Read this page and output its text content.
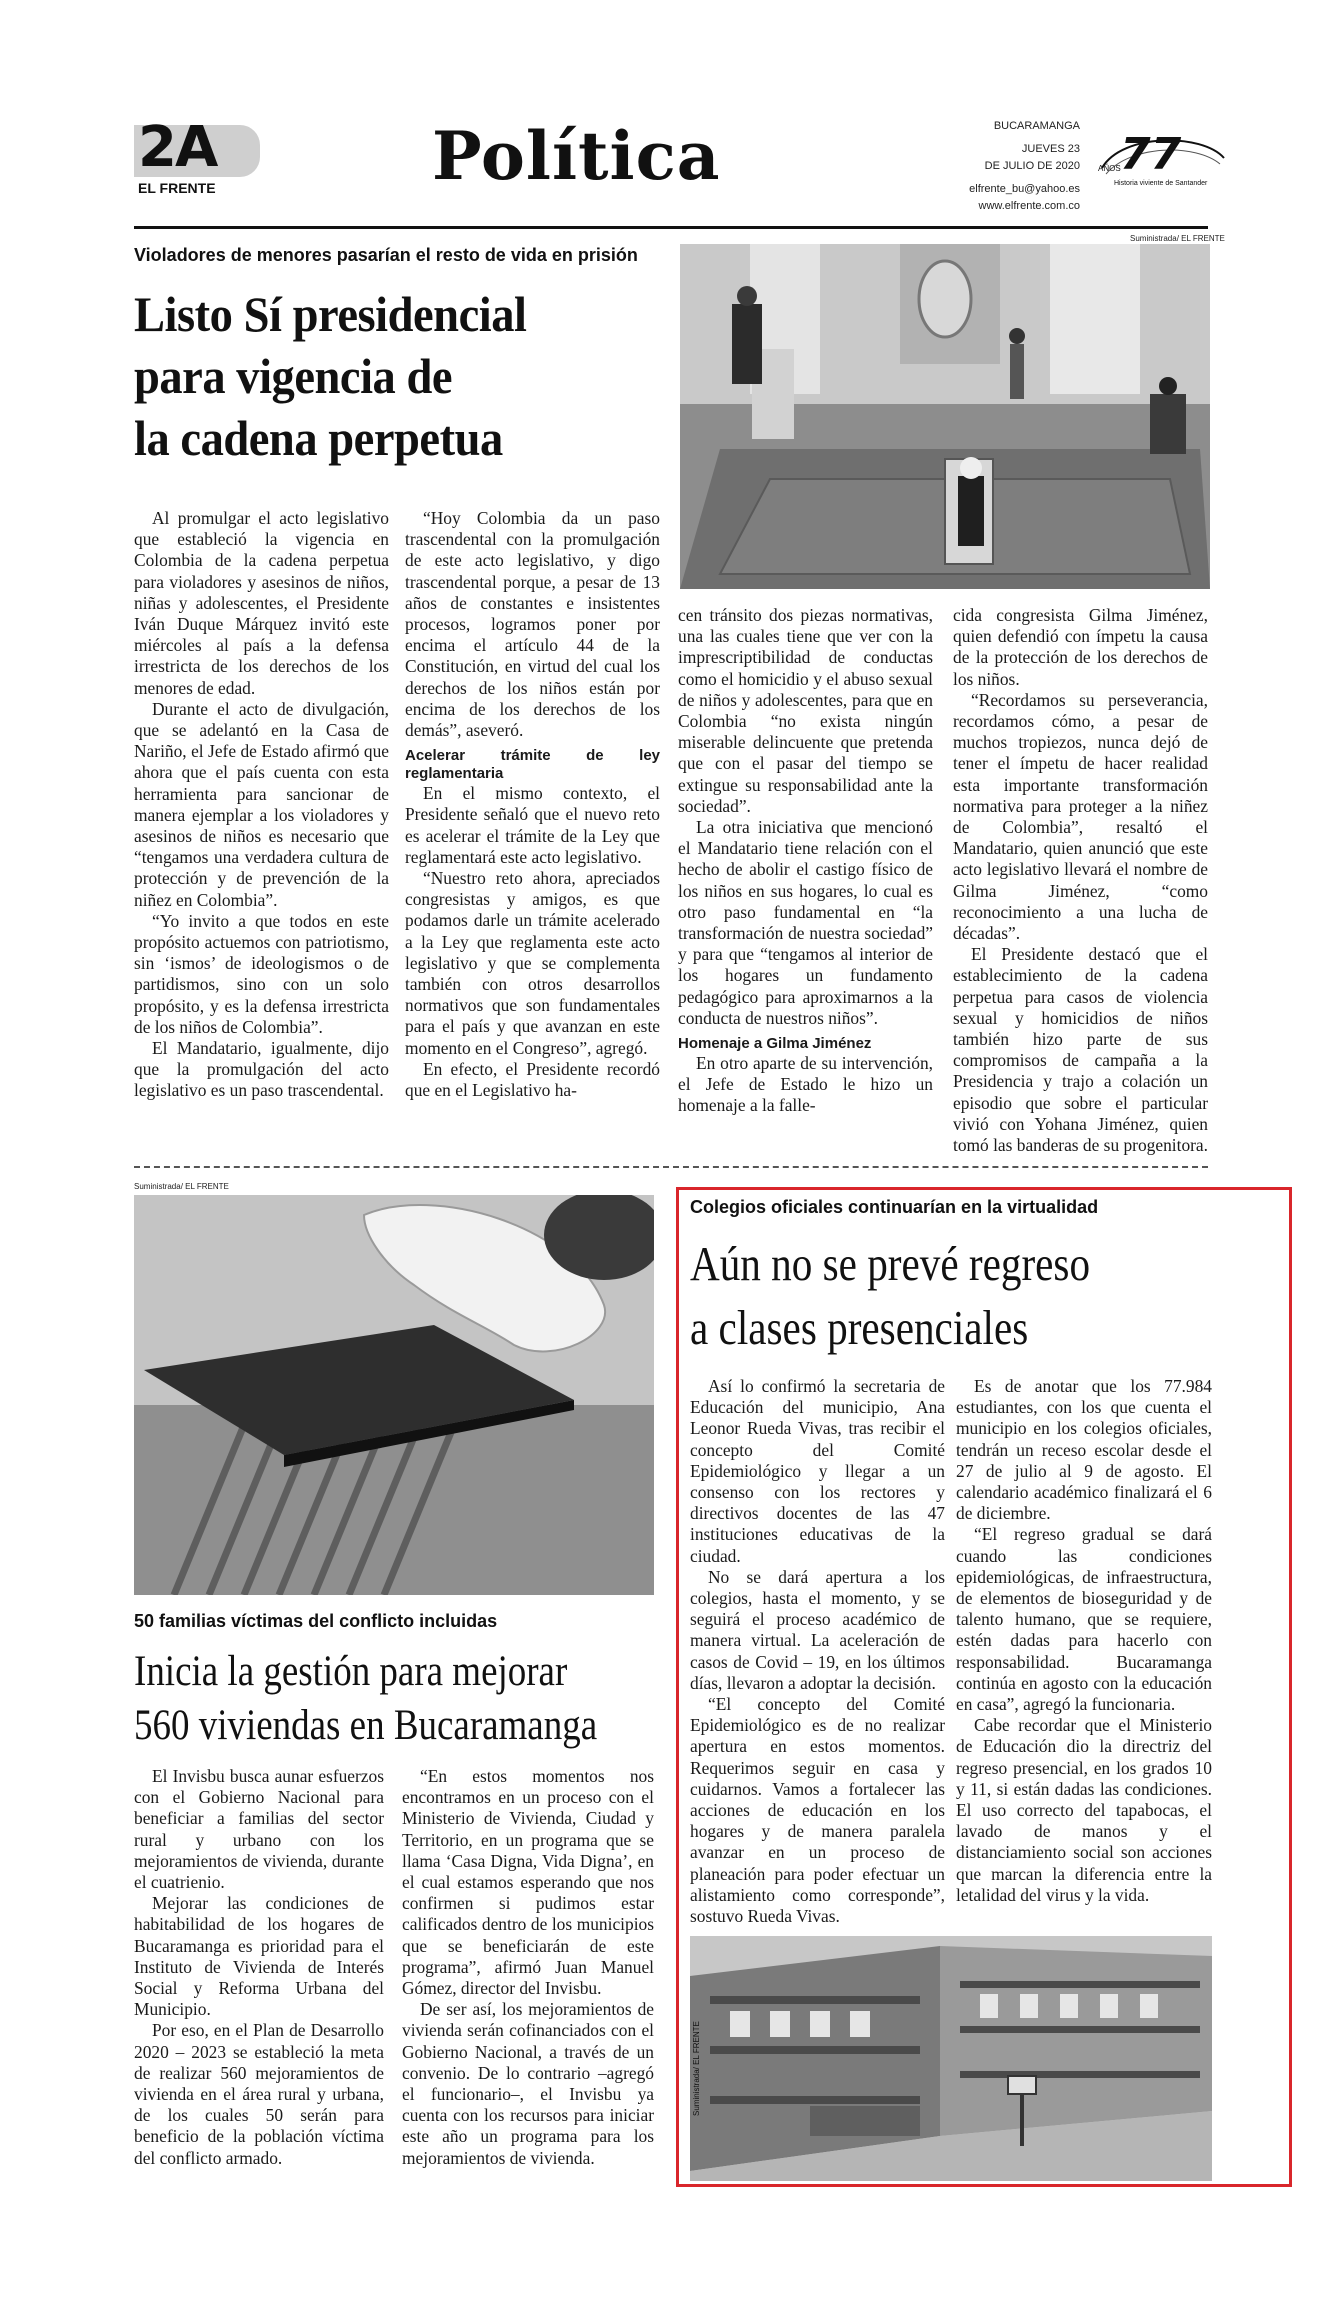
2A
EL FRENTE	Política	BUCARAMANGA
JUEVES 23
DE JULIO DE 2020
elfrente_bu@yahoo.es
www.elfrente.com.co
77
AÑOS
Historia viviente de Santander
Violadores de menores pasarían el resto de vida en prisión
Listo Sí presidencial
para vigencia de
la cadena perpetua
Suministrada/ EL FRENTE

Al promulgar el acto legislativo que estableció la vigencia en Colombia de la cadena perpetua para violadores y asesinos de niños, niñas y adolescentes, el Presidente Iván Duque Márquez invitó este miércoles al país a la defensa irrestricta de los derechos de los menores de edad.

Durante el acto de divulgación, que se adelantó en la Casa de Nariño, el Jefe de Estado afirmó que ahora que el país cuenta con esta herramienta para sancionar de manera ejemplar a los violadores y asesinos de niños es necesario que “tengamos una verdadera cultura de protección y de prevención de la niñez en Colombia”.

“Yo invito a que todos en este propósito actuemos con patriotismo, sin ‘ismos’ de ideologismos o de partidismos, sino con un solo propósito, y es la defensa irrestricta de los niños de Colombia”.

El Mandatario, igualmente, dijo que la promulgación del acto legislativo es un paso trascendental.

“Hoy Colombia da un paso trascendental con la promulgación de este acto legislativo, y digo trascendental porque, a pesar de 13 años de constantes e insistentes procesos, logramos poner por encima el artículo 44 de la Constitución, en virtud del cual los derechos de los niños están por encima de los derechos de los demás”, aseveró.

Acelerar trámite de ley reglamentaria

En el mismo contexto, el Presidente señaló que el nuevo reto es acelerar el trámite de la Ley que reglamentará este acto legislativo.

“Nuestro reto ahora, apreciados congresistas y amigos, es que podamos darle un trámite acelerado a la Ley que reglamenta este acto legislativo y que se complementa también con otros desarrollos normativos que son fundamentales para el país y que avanzan en este momento en el Congreso”, agregó.

En efecto, el Presidente recordó que en el Legislativo ha-

cen tránsito dos piezas normativas, una las cuales tiene que ver con la imprescriptibilidad de conductas como el homicidio y el abuso sexual de niños y adolescentes, para que en Colombia “no exista ningún miserable delincuente que pretenda que con el pasar del tiempo se extingue su responsabilidad ante la sociedad”.

La otra iniciativa que mencionó el Mandatario tiene relación con el hecho de abolir el castigo físico de los niños en sus hogares, lo cual es otro paso fundamental en “la transformación de nuestra sociedad” y para que “tengamos al interior de los hogares un fundamento pedagógico para aproximarnos a la conducta de nuestros niños”.

Homenaje a Gilma Jiménez

En otro aparte de su intervención, el Jefe de Estado le hizo un homenaje a la falle-

cida congresista Gilma Jiménez, quien defendió con ímpetu la causa de la protección de los derechos de los niños.

“Recordamos su perseverancia, recordamos cómo, a pesar de muchos tropiezos, nunca dejó de tener el ímpetu de hacer realidad esta importante transformación normativa para proteger a la niñez de Colombia”, resaltó el Mandatario, quien anunció que este acto legislativo llevará el nombre de Gilma Jiménez, “como reconocimiento a una lucha de décadas”.

El Presidente destacó que el establecimiento de la cadena perpetua para casos de violencia sexual y homicidios de niños también hizo parte de sus compromisos de campaña a la Presidencia y trajo a colación un episodio que sobre el particular vivió con Yohana Jiménez, quien tomó las banderas de su progenitora.

Suministrada/ EL FRENTE
50 familias víctimas del conflicto incluidas
Inicia la gestión para mejorar
560 viviendas en Bucaramanga

El Invisbu busca aunar esfuerzos con el Gobierno Nacional para beneficiar a familias del sector rural y urbano con los mejoramientos de vivienda, durante el cuatrienio.

Mejorar las condiciones de habitabilidad de los hogares de Bucaramanga es prioridad para el Instituto de Vivienda de Interés Social y Reforma Urbana del Municipio.

Por eso, en el Plan de Desarrollo 2020 – 2023 se estableció la meta de realizar 560 mejoramientos de vivienda en el área rural y urbana, de los cuales 50 serán para beneficio de la población víctima del conflicto armado.

“En estos momentos nos encontramos en un proceso con el Ministerio de Vivienda, Ciudad y Territorio, en un programa que se llama ‘Casa Digna, Vida Digna’, en el cual estamos esperando que nos confirmen si pudimos estar calificados dentro de los municipios que se beneficiarán de este programa”, afirmó Juan Manuel Gómez, director del Invisbu.

De ser así, los mejoramientos de vivienda serán cofinanciados con el Gobierno Nacional, a través de un convenio. De lo contrario –agregó el funcionario–, el Invisbu ya cuenta con los recursos para iniciar este año un programa para los mejoramientos de vivienda.

Colegios oficiales continuarían en la virtualidad
Aún no se prevé regreso
a clases presenciales

Así lo confirmó la secretaria de Educación del municipio, Ana Leonor Rueda Vivas, tras recibir el concepto del Comité Epidemiológico y llegar a un consenso con los rectores y directivos docentes de las 47 instituciones educativas de la ciudad.

No se dará apertura a los colegios, hasta el momento, y se seguirá el proceso académico de manera virtual. La aceleración de casos de Covid – 19, en los últimos días, llevaron a adoptar la decisión.

“El concepto del Comité Epidemiológico es de no realizar apertura en estos momentos. Requerimos seguir en casa y cuidarnos. Vamos a fortalecer las acciones de educación en los hogares y de manera paralela avanzar en un proceso de planeación para poder efectuar un alistamiento como corresponde”, sostuvo Rueda Vivas.

Es de anotar que los 77.984 estudiantes, con los que cuenta el municipio en los colegios oficiales, tendrán un receso escolar desde el 27 de julio al 9 de agosto. El calendario académico finalizará el 6 de diciembre.

“El regreso gradual se dará cuando las condiciones epidemiológicas, de infraestructura, de elementos de bioseguridad y de talento humano, que se requiere, estén dadas para hacerlo con responsabilidad. Bucaramanga continúa en agosto con la educación en casa”, agregó la funcionaria.

Cabe recordar que el Ministerio de Educación dio la directriz del regreso presencial, en los grados 10 y 11, si están dadas las condiciones. El uso correcto del tapabocas, el lavado de manos y el distanciamiento social son acciones que marcan la diferencia entre la letalidad del virus y la vida.

Suministrada/ EL FRENTE
